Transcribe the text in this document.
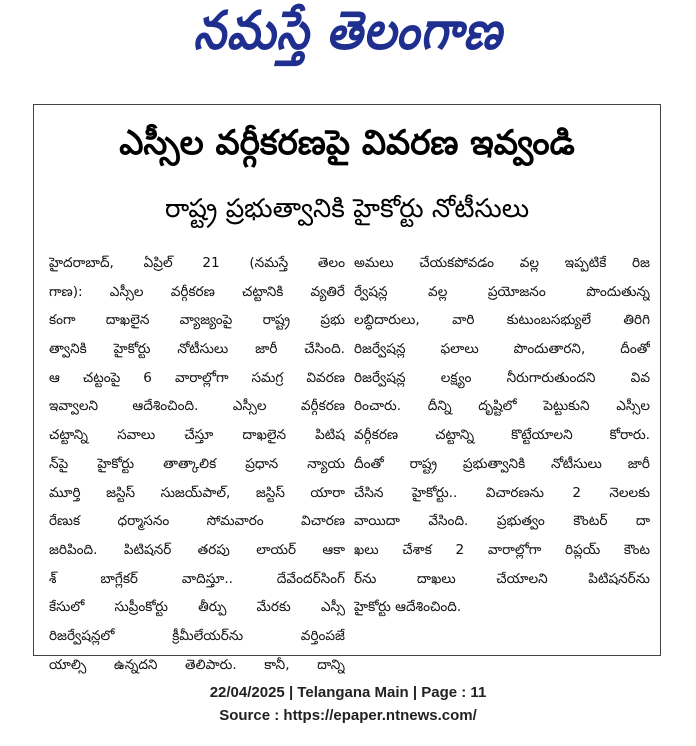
నమస్తే తెలంగాణ
ఎస్సీల వర్గీకరణపై వివరణ ఇవ్వండి
రాష్ట్ర ప్రభుత్వానికి హైకోర్టు నోటీసులు
హైదరాబాద్, ఏప్రిల్ 21 (నమస్తే తెలం
గాణ): ఎస్సీల వర్గీకరణ చట్టానికి వ్యతిరే
కంగా దాఖలైన వ్యాజ్యంపై రాష్ట్ర ప్రభు
త్వానికి హైకోర్టు నోటీసులు జారీ చేసింది.
ఆ చట్టంపై 6 వారాల్లోగా సమగ్ర వివరణ
ఇవ్వాలని ఆదేశించింది. ఎస్సీల వర్గీకరణ
చట్టాన్ని సవాలు చేస్తూ దాఖలైన పిటిష
న్‌పై హైకోర్టు తాత్కాలిక ప్రధాన న్యాయ
మూర్తి జస్టిస్ సుజయ్‌పాల్, జస్టిస్ యారా
రేణుక ధర్మాసనం సోమవారం విచారణ
జరిపింది. పిటిషనర్ తరపు లాయర్ ఆకా
శ్ బాగ్లేకర్ వాదిస్తూ.. దేవేందర్‌సింగ్
కేసులో సుప్రీంకోర్టు తీర్పు మేరకు ఎస్సీ
రిజర్వేషన్లలో క్రీమీలేయర్‌ను వర్తింపజే
యాల్సి ఉన్నదని తెలిపారు. కానీ, దాన్ని
అమలు చేయకపోవడం వల్ల ఇప్పటికే రిజ
ర్వేషన్ల వల్ల ప్రయోజనం పొందుతున్న
లబ్ధిదారులు, వారి కుటుంబసభ్యులే తిరిగి
రిజర్వేషన్ల ఫలాలు పొందుతారని, దీంతో
రిజర్వేషన్ల లక్ష్యం నీరుగారుతుందని వివ
రించారు. దీన్ని దృష్టిలో పెట్టుకుని ఎస్సీల
వర్గీకరణ చట్టాన్ని కొట్టేయాలని కోరారు.
దీంతో రాష్ట్ర ప్రభుత్వానికి నోటీసులు జారీ
చేసిన హైకోర్టు.. విచారణను 2 నెలలకు
వాయిదా వేసింది. ప్రభుత్వం కౌంటర్ దా
ఖలు చేశాక 2 వారాల్లోగా రిప్లయ్ కౌంట
ర్‌ను దాఖలు చేయాలని పిటిషనర్‌ను
హైకోర్టు ఆదేశించింది.
22/04/2025 | Telangana Main | Page : 11
Source : https://epaper.ntnews.com/
